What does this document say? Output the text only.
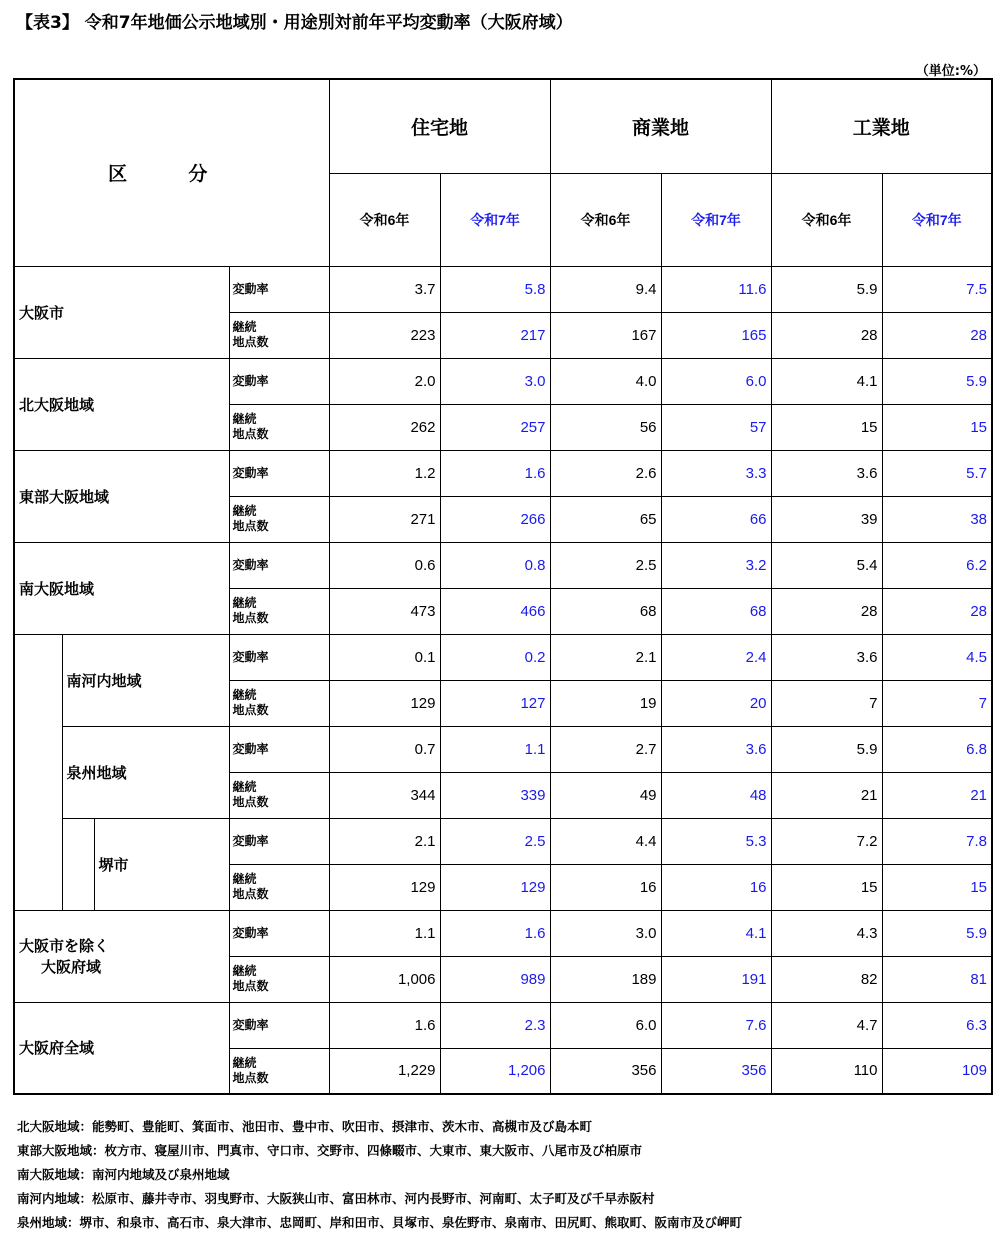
【表3】 令和7年地価公示地域別・用途別対前年平均変動率（大阪府域）
（単位:%）
区 分				住宅地		商業地		工業地	
				令和6年	令和7年	令和6年	令和7年	令和6年	令和7年
大阪市			変動率	3.7	5.8	9.4	11.6	5.9	7.5

			継続
地点数	223	217	167	165	28	28
北大阪地域			変動率	2.0	3.0	4.0	6.0	4.1	5.9

			継続
地点数	262	257	56	57	15	15
東部大阪地域			変動率	1.2	1.6	2.6	3.3	3.6	5.7

			継続
地点数	271	266	65	66	39	38
南大阪地域			変動率	0.6	0.8	2.5	3.2	5.4	6.2

			継続
地点数	473	466	68	68	28	28
	南河内地域		変動率	0.1	0.2	2.1	2.4	3.6	4.5

			継続
地点数	129	127	19	20	7	7
	泉州地域		変動率	0.7	1.1	2.7	3.6	5.9	6.8

			継続
地点数	344	339	49	48	21	21
		堺市	変動率	2.1	2.5	4.4	5.3	7.2	7.8

			継続
地点数	129	129	16	16	15	15

大阪市を除く
大阪府域			変動率	1.1	1.6	3.0	4.1	4.3	5.9

			継続
地点数	1,006	989	189	191	82	81
大阪府全域			変動率	1.6	2.3	6.0	7.6	4.7	6.3

			継続
地点数	1,229	1,206	356	356	110	109
北大阪地域：能勢町、豊能町、箕面市、池田市、豊中市、吹田市、摂津市、茨木市、高槻市及び島本町
東部大阪地域：枚方市、寝屋川市、門真市、守口市、交野市、四條畷市、大東市、東大阪市、八尾市及び柏原市
南大阪地域：南河内地域及び泉州地域
南河内地域：松原市、藤井寺市、羽曳野市、大阪狭山市、富田林市、河内長野市、河南町、太子町及び千早赤阪村
泉州地域：堺市、和泉市、高石市、泉大津市、忠岡町、岸和田市、貝塚市、泉佐野市、泉南市、田尻町、熊取町、阪南市及び岬町
